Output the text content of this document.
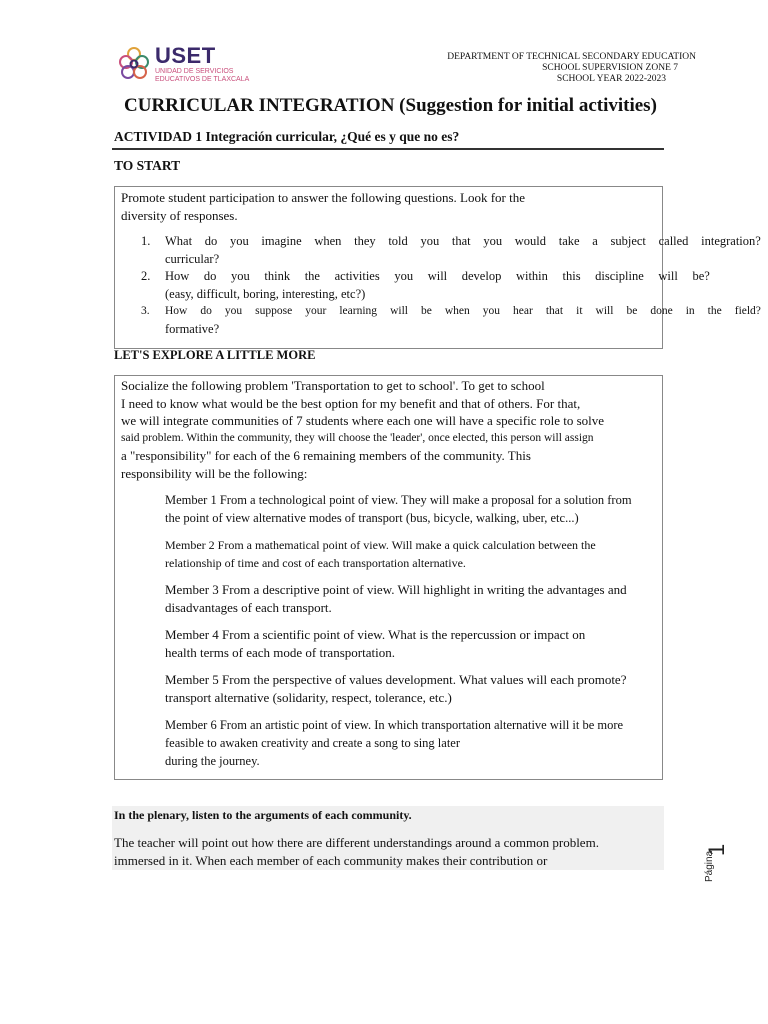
USET
UNIDAD DE SERVICIOS
EDUCATIVOS DE TLAXCALA
DEPARTMENT OF TECHNICAL SECONDARY EDUCATION
SCHOOL SUPERVISION ZONE 7
SCHOOL YEAR 2022-2023
CURRICULAR INTEGRATION (Suggestion for initial activities)
ACTIVIDAD 1 Integración curricular, ¿Qué es y que no es?
TO START
Promote student participation to answer the following questions. Look for the
diversity of responses.
1. What do you imagine when they told you that you would take a subject called integration?
curricular?
2. How do you think the activities you will develop within this discipline will be?
(easy, difficult, boring, interesting, etc?)
3. How do you suppose your learning will be when you hear that it will be done in the field?
formative?
LET'S EXPLORE A LITTLE MORE
Socialize the following problem 'Transportation to get to school'. To get to school
I need to know what would be the best option for my benefit and that of others. For that,
we will integrate communities of 7 students where each one will have a specific role to solve
said problem. Within the community, they will choose the 'leader', once elected, this person will assign
a "responsibility" for each of the 6 remaining members of the community. This
responsibility will be the following:
Member 1 From a technological point of view. They will make a proposal for a solution from
the point of view alternative modes of transport (bus, bicycle, walking, uber, etc...)
Member 2 From a mathematical point of view. Will make a quick calculation between the
relationship of time and cost of each transportation alternative.
Member 3 From a descriptive point of view. Will highlight in writing the advantages and
disadvantages of each transport.
Member 4 From a scientific point of view. What is the repercussion or impact on
health terms of each mode of transportation.
Member 5 From the perspective of values development. What values will each promote?
transport alternative (solidarity, respect, tolerance, etc.)
Member 6 From an artistic point of view. In which transportation alternative will it be more
feasible to awaken creativity and create a song to sing later
during the journey.
In the plenary, listen to the arguments of each community.
The teacher will point out how there are different understandings around a common problem.
immersed in it. When each member of each community makes their contribution or	Página
1
